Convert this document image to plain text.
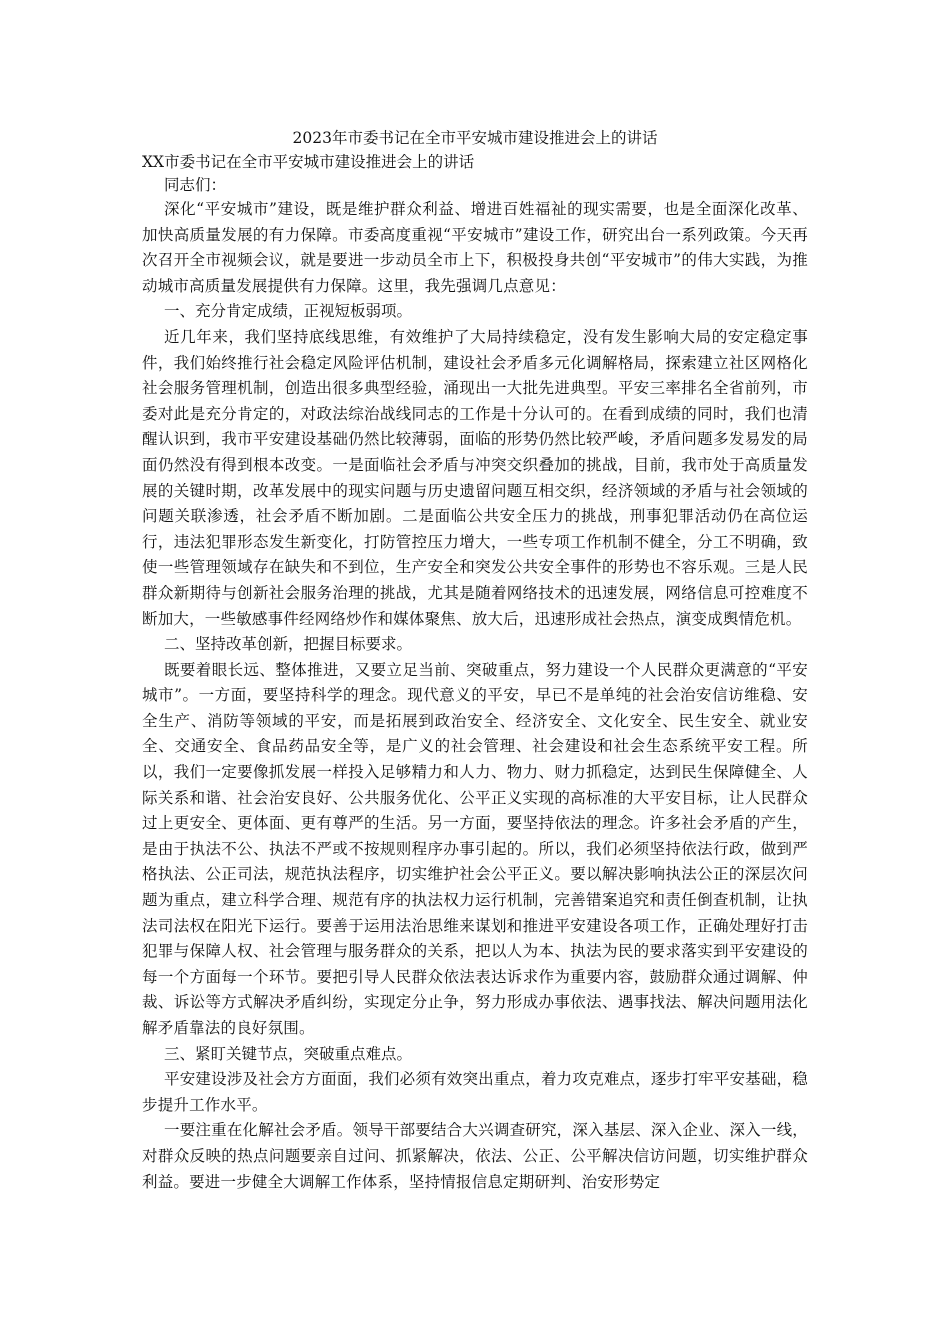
2023年市委书记在全市平安城市建设推进会上的讲话

XX市委书记在全市平安城市建设推进会上的讲话

同志们：

深化“平安城市”建设，既是维护群众利益、增进百姓福祉的现实需要，也是全面深化改革、加快高质量发展的有力保障。市委高度重视“平安城市”建设工作，研究出台一系列政策。今天再次召开全市视频会议，就是要进一步动员全市上下，积极投身共创“平安城市”的伟大实践，为推动城市高质量发展提供有力保障。这里，我先强调几点意见：

一、充分肯定成绩，正视短板弱项。

近几年来，我们坚持底线思维，有效维护了大局持续稳定，没有发生影响大局的安定稳定事件，我们始终推行社会稳定风险评估机制，建设社会矛盾多元化调解格局，探索建立社区网格化社会服务管理机制，创造出很多典型经验，涌现出一大批先进典型。平安三率排名全省前列，市委对此是充分肯定的，对政法综治战线同志的工作是十分认可的。在看到成绩的同时，我们也清醒认识到，我市平安建设基础仍然比较薄弱，面临的形势仍然比较严峻，矛盾问题多发易发的局面仍然没有得到根本改变。一是面临社会矛盾与冲突交织叠加的挑战，目前，我市处于高质量发展的关键时期，改革发展中的现实问题与历史遗留问题互相交织，经济领域的矛盾与社会领域的问题关联渗透，社会矛盾不断加剧。二是面临公共安全压力的挑战，刑事犯罪活动仍在高位运行，违法犯罪形态发生新变化，打防管控压力增大，一些专项工作机制不健全，分工不明确，致使一些管理领域存在缺失和不到位，生产安全和突发公共安全事件的形势也不容乐观。三是人民群众新期待与创新社会服务治理的挑战，尤其是随着网络技术的迅速发展，网络信息可控难度不断加大，一些敏感事件经网络炒作和媒体聚焦、放大后，迅速形成社会热点，演变成舆情危机。

二、坚持改革创新，把握目标要求。

既要着眼长远、整体推进，又要立足当前、突破重点，努力建设一个人民群众更满意的“平安城市”。一方面，要坚持科学的理念。现代意义的平安，早已不是单纯的社会治安信访维稳、安全生产、消防等领域的平安，而是拓展到政治安全、经济安全、文化安全、民生安全、就业安全、交通安全、食品药品安全等，是广义的社会管理、社会建设和社会生态系统平安工程。所以，我们一定要像抓发展一样投入足够精力和人力、物力、财力抓稳定，达到民生保障健全、人际关系和谐、社会治安良好、公共服务优化、公平正义实现的高标准的大平安目标，让人民群众过上更安全、更体面、更有尊严的生活。另一方面，要坚持依法的理念。许多社会矛盾的产生，是由于执法不公、执法不严或不按规则程序办事引起的。所以，我们必须坚持依法行政，做到严格执法、公正司法，规范执法程序，切实维护社会公平正义。要以解决影响执法公正的深层次问题为重点，建立科学合理、规范有序的执法权力运行机制，完善错案追究和责任倒查机制，让执法司法权在阳光下运行。要善于运用法治思维来谋划和推进平安建设各项工作，正确处理好打击犯罪与保障人权、社会管理与服务群众的关系，把以人为本、执法为民的要求落实到平安建设的每一个方面每一个环节。要把引导人民群众依法表达诉求作为重要内容，鼓励群众通过调解、仲裁、诉讼等方式解决矛盾纠纷，实现定分止争，努力形成办事依法、遇事找法、解决问题用法化解矛盾靠法的良好氛围。

三、紧盯关键节点，突破重点难点。

平安建设涉及社会方方面面，我们必须有效突出重点，着力攻克难点，逐步打牢平安基础，稳步提升工作水平。

一要注重在化解社会矛盾。领导干部要结合大兴调查研究，深入基层、深入企业、深入一线，对群众反映的热点问题要亲自过问、抓紧解决，依法、公正、公平解决信访问题，切实维护群众利益。要进一步健全大调解工作体系，坚持情报信息定期研判、治安形势定
